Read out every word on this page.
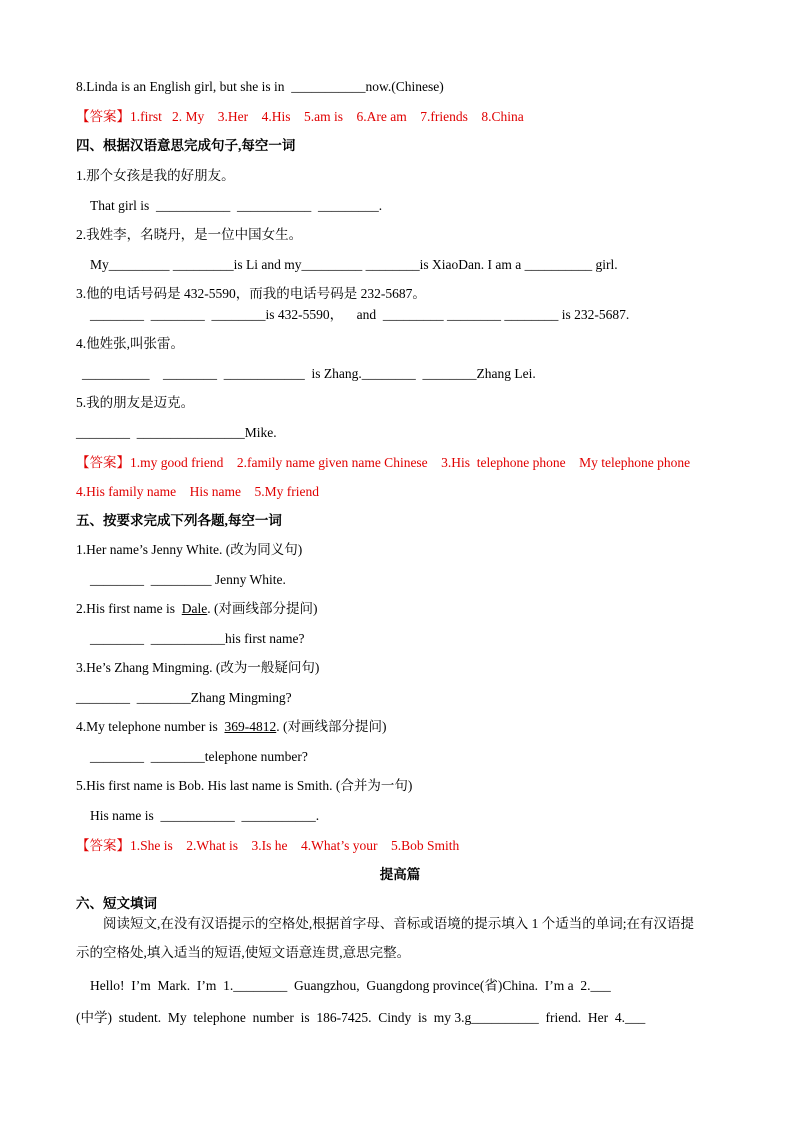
8.Linda is an English girl, but she is in  ___________now.(Chinese)
【答案】1.first   2. My    3.Her    4.His    5.am is    6.Are am    7.friends    8.China
四、根据汉语意思完成句子,每空一词
1.那个女孩是我的好朋友。
That girl is  ___________  ___________  _________.
2.我姓李，名晓丹，是一位中国女生。
My_________ _________is Li and my_________ ________is XiaoDan. I am a __________ girl.
3.他的电话号码是 432-5590，而我的电话号码是 232-5687。
________  ________  ________is 432-5590，    and  _________ ________ ________ is 232-5687.
4.他姓张,叫张雷。
__________    ________  ____________  is Zhang.________  ________Zhang Lei.
5.我的朋友是迈克。
________  ________________Mike.
【答案】1.my good friend    2.family name given name Chinese    3.His  telephone phone    My telephone phone
4.His family name    His name    5.My friend
五、按要求完成下列各题,每空一词
1.Her name’s Jenny White. (改为同义句)
________  _________ Jenny White.
2.His first name is  Dale. (对画线部分提问)
________  ___________his first name?
3.He’s Zhang Mingming. (改为一般疑问句)
________  ________Zhang Mingming?
4.My telephone number is  369-4812. (对画线部分提问)
________  ________telephone number?
5.His first name is Bob. His last name is Smith. (合并为一句)
His name is  ___________  ___________.
【答案】1.She is    2.What is    3.Is he    4.What’s your    5.Bob Smith
提高篇
六、短文填词
阅读短文,在没有汉语提示的空格处,根据首字母、音标或语境的提示填入 1 个适当的单词;在有汉语提
示的空格处,填入适当的短语,使短文语意连贯,意思完整。
Hello!  I’m  Mark.  I’m  1.________  Guangzhou,  Guangdong province(省)China.  I’m a  2.___
(中学)  student.  My  telephone  number  is  186-7425.  Cindy  is  my 3.g__________  friend.  Her  4.___
